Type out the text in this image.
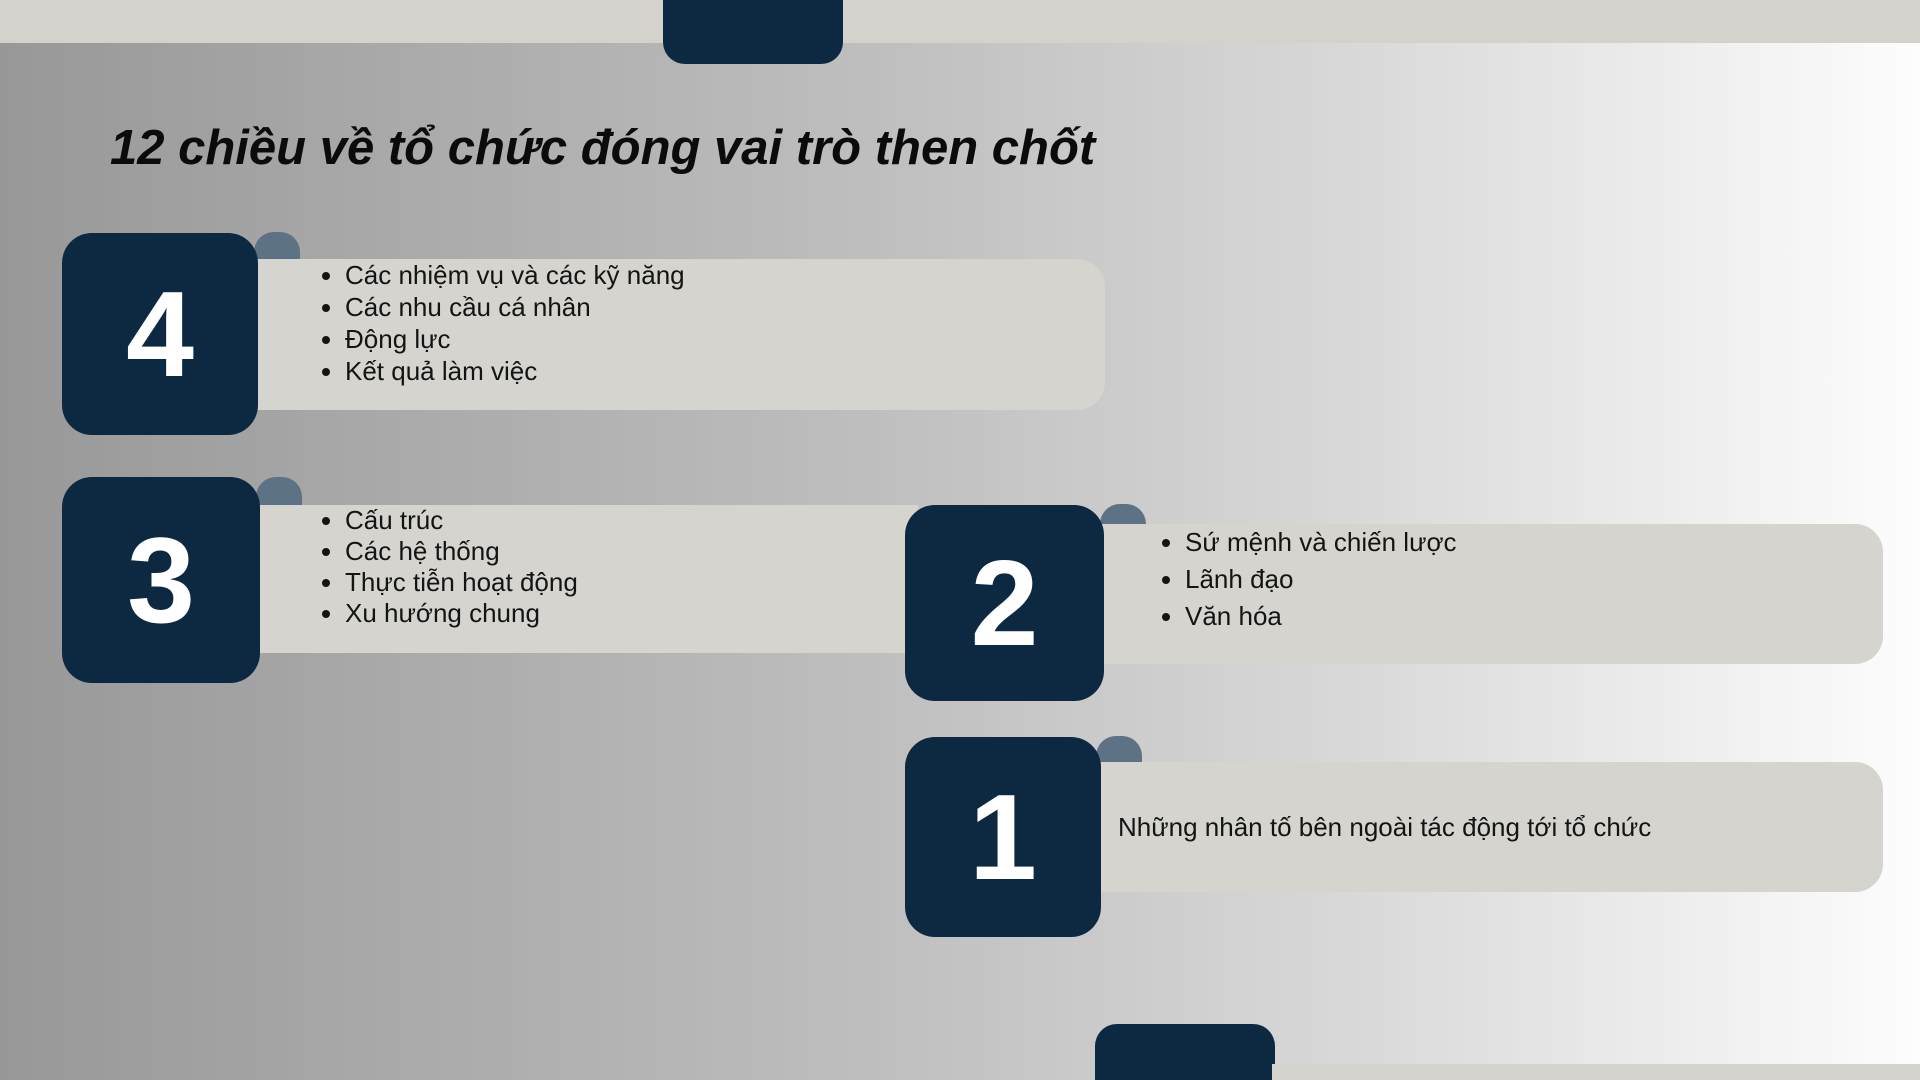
12 chiều về tổ chức đóng vai trò then chốt
• Các nhiệm vụ và các kỹ năng
• Các nhu cầu cá nhân
• Động lực
• Kết quả làm việc
4
• Cấu trúc
• Các hệ thống
• Thực tiễn hoạt động
• Xu hướng chung
3	• Sứ mệnh và chiến lược
• Lãnh đạo
• Văn hóa
2

Những nhân tố bên ngoài tác động tới tổ chức

1
